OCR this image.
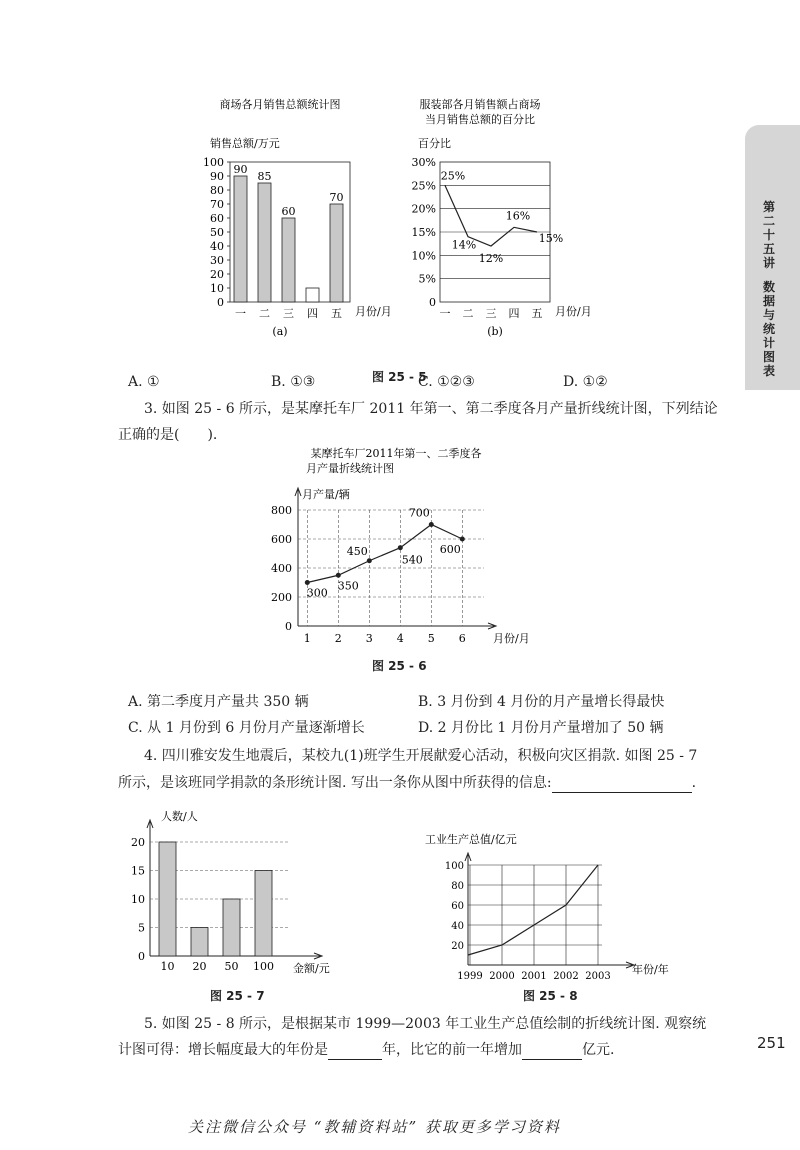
第二十五讲
数据与统计图表
251
商场各月销售总额统计图
销售总额/万元
0
10
20
30
40
50
60
70
80
90
100
90
一
85
二
60
三 四
70
五 月份/月
(a)
服装部各月销售额占商场
当月销售总额的百分比
百分比
0
5%
10%
15%
20%
25%
30%
25%
一
14%
二
12%
三
16%
四
15%
五 月份/月
(b)
图 25 - 5
A. ①	B. ①③	C. ①②③	D. ①②
3. 如图 25 - 6 所示，是某摩托车厂 2011 年第一、第二季度各月产量折线统计图，下列结论
正确的是(　　).
某摩托车厂2011年第一、二季度各
月产量折线统计图
月产量/辆
0
200
400
600
800
1 2 3 4 5 6
300
350
450
540
700
600
月份/月
图 25 - 6
A. 第二季度月产量共 350 辆	B. 3 月份到 4 月份的月产量增长得最快
C. 从 1 月份到 6 月份月产量逐渐增长	D. 2 月份比 1 月份月产量增加了 50 辆
4. 四川雅安发生地震后，某校九(1)班学生开展献爱心活动，积极向灾区捐款. 如图 25 - 7
所示，是该班同学捐款的条形统计图. 写出一条你从图中所获得的信息:	.
人数/人
0
5
10
15
20
10 20 50 100 金额/元
图 25 - 7
工业生产总值/亿元
1999 2000 2001 2002 2003
20
40
60
80
100
年份/年
图 25 - 8
5. 如图 25 - 8 所示，是根据某市 1999—2003 年工业生产总值绘制的折线统计图. 观察统
计图可得：增长幅度最大的年份是	年，比它的前一年增加	亿元.
关注微信公众号 “教辅资料站” 获取更多学习资料
